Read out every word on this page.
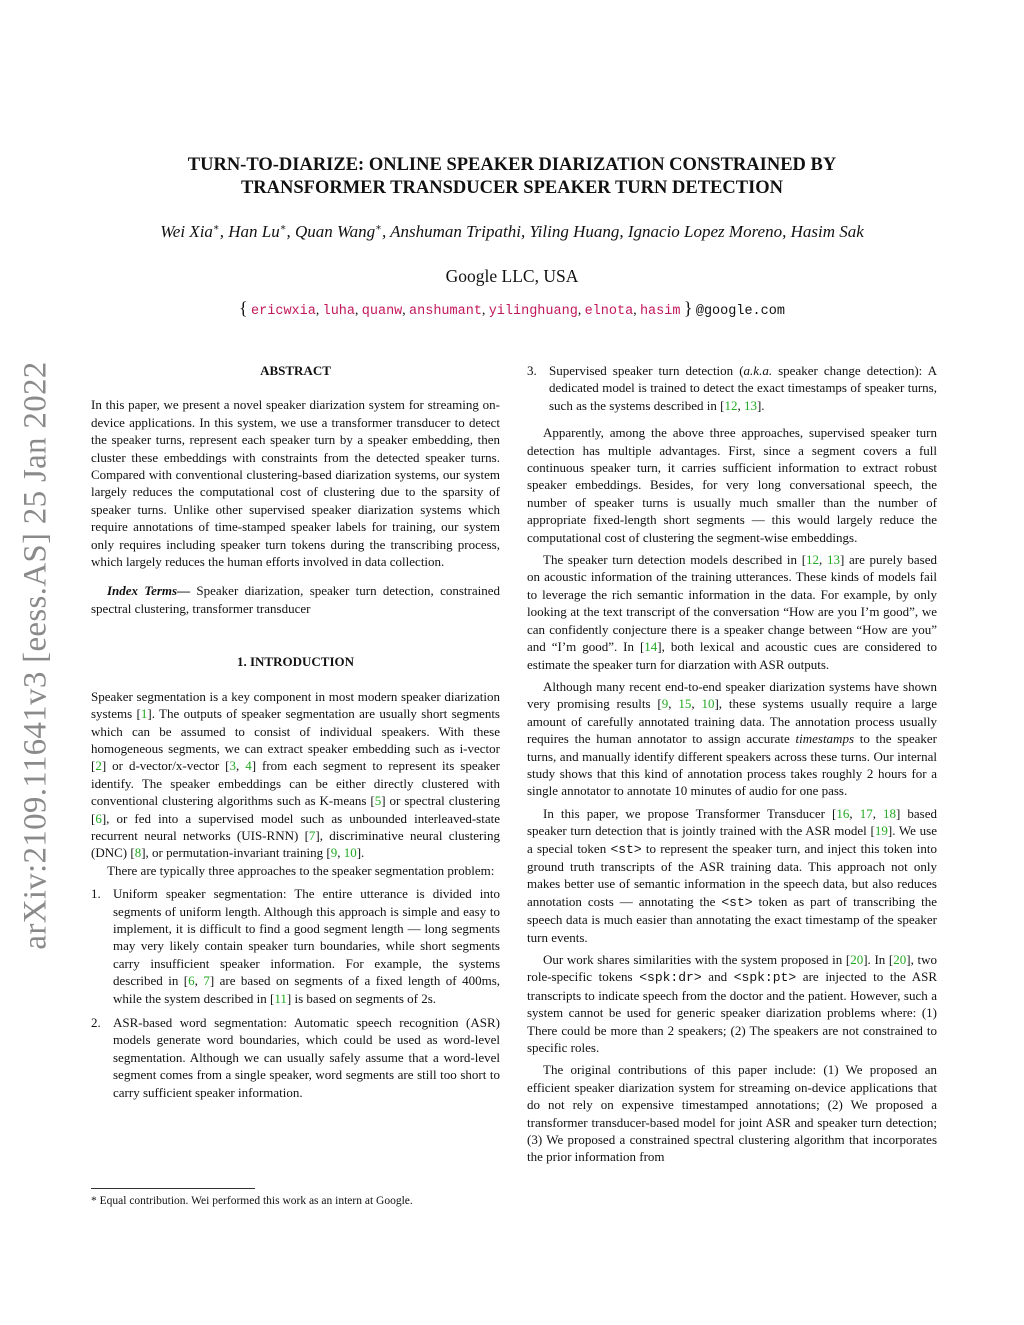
arXiv:2109.11641v3 [eess.AS] 25 Jan 2022
TURN-TO-DIARIZE: ONLINE SPEAKER DIARIZATION CONSTRAINED BY
TRANSFORMER TRANSDUCER SPEAKER TURN DETECTION
Wei Xia∗, Han Lu∗, Quan Wang∗, Anshuman Tripathi, Yiling Huang, Ignacio Lopez Moreno, Hasim Sak
Google LLC, USA
{ ericwxia, luha, quanw, anshumant, yilinghuang, elnota, hasim } @google.com
ABSTRACT

In this paper, we present a novel speaker diarization system for streaming on-device applications. In this system, we use a transformer transducer to detect the speaker turns, represent each speaker turn by a speaker embedding, then cluster these embeddings with constraints from the detected speaker turns. Compared with conventional clustering-based diarization systems, our system largely reduces the computational cost of clustering due to the sparsity of speaker turns. Unlike other supervised speaker diarization systems which require annotations of time-stamped speaker labels for training, our system only requires including speaker turn tokens during the transcribing process, which largely reduces the human efforts involved in data collection.

Index Terms— Speaker diarization, speaker turn detection, constrained spectral clustering, transformer transducer

1. INTRODUCTION

Speaker segmentation is a key component in most modern speaker diarization systems [1]. The outputs of speaker segmentation are usually short segments which can be assumed to consist of individual speakers. With these homogeneous segments, we can extract speaker embedding such as i-vector [2] or d-vector/x-vector [3, 4] from each segment to represent its speaker identify. The speaker embeddings can be either directly clustered with conventional clustering algorithms such as K-means [5] or spectral clustering [6], or fed into a supervised model such as unbounded interleaved-state recurrent neural networks (UIS-RNN) [7], discriminative neural clustering (DNC) [8], or permutation-invariant training [9, 10].

There are typically three approaches to the speaker segmentation problem:

1. Uniform speaker segmentation: The entire utterance is divided into segments of uniform length. Although this approach is simple and easy to implement, it is difficult to find a good segment length — long segments may very likely contain speaker turn boundaries, while short segments carry insufficient speaker information. For example, the systems described in [6, 7] are based on segments of a fixed length of 400ms, while the system described in [11] is based on segments of 2s.
2. ASR-based word segmentation: Automatic speech recognition (ASR) models generate word boundaries, which could be used as word-level segmentation. Although we can usually safely assume that a word-level segment comes from a single speaker, word segments are still too short to carry sufficient speaker information.
* Equal contribution. Wei performed this work as an intern at Google.
3. Supervised speaker turn detection (a.k.a. speaker change detection): A dedicated model is trained to detect the exact timestamps of speaker turns, such as the systems described in [12, 13].

Apparently, among the above three approaches, supervised speaker turn detection has multiple advantages. First, since a segment covers a full continuous speaker turn, it carries sufficient information to extract robust speaker embeddings. Besides, for very long conversational speech, the number of speaker turns is usually much smaller than the number of appropriate fixed-length short segments — this would largely reduce the computational cost of clustering the segment-wise embeddings.

The speaker turn detection models described in [12, 13] are purely based on acoustic information of the training utterances. These kinds of models fail to leverage the rich semantic information in the data. For example, by only looking at the text transcript of the conversation “How are you I’m good”, we can confidently conjecture there is a speaker change between “How are you” and “I’m good”. In [14], both lexical and acoustic cues are considered to estimate the speaker turn for diarzation with ASR outputs.

Although many recent end-to-end speaker diarization systems have shown very promising results [9, 15, 10], these systems usually require a large amount of carefully annotated training data. The annotation process usually requires the human annotator to assign accurate timestamps to the speaker turns, and manually identify different speakers across these turns. Our internal study shows that this kind of annotation process takes roughly 2 hours for a single annotator to annotate 10 minutes of audio for one pass.

In this paper, we propose Transformer Transducer [16, 17, 18] based speaker turn detection that is jointly trained with the ASR model [19]. We use a special token <st> to represent the speaker turn, and inject this token into ground truth transcripts of the ASR training data. This approach not only makes better use of semantic information in the speech data, but also reduces annotation costs — annotating the <st> token as part of transcribing the speech data is much easier than annotating the exact timestamp of the speaker turn events.

Our work shares similarities with the system proposed in [20]. In [20], two role-specific tokens <spk:dr> and <spk:pt> are injected to the ASR transcripts to indicate speech from the doctor and the patient. However, such a system cannot be used for generic speaker diarization problems where: (1) There could be more than 2 speakers; (2) The speakers are not constrained to specific roles.

The original contributions of this paper include: (1) We proposed an efficient speaker diarization system for streaming on-device applications that do not rely on expensive timestamped annotations; (2) We proposed a transformer transducer-based model for joint ASR and speaker turn detection; (3) We proposed a constrained spectral clustering algorithm that incorporates the prior information from
